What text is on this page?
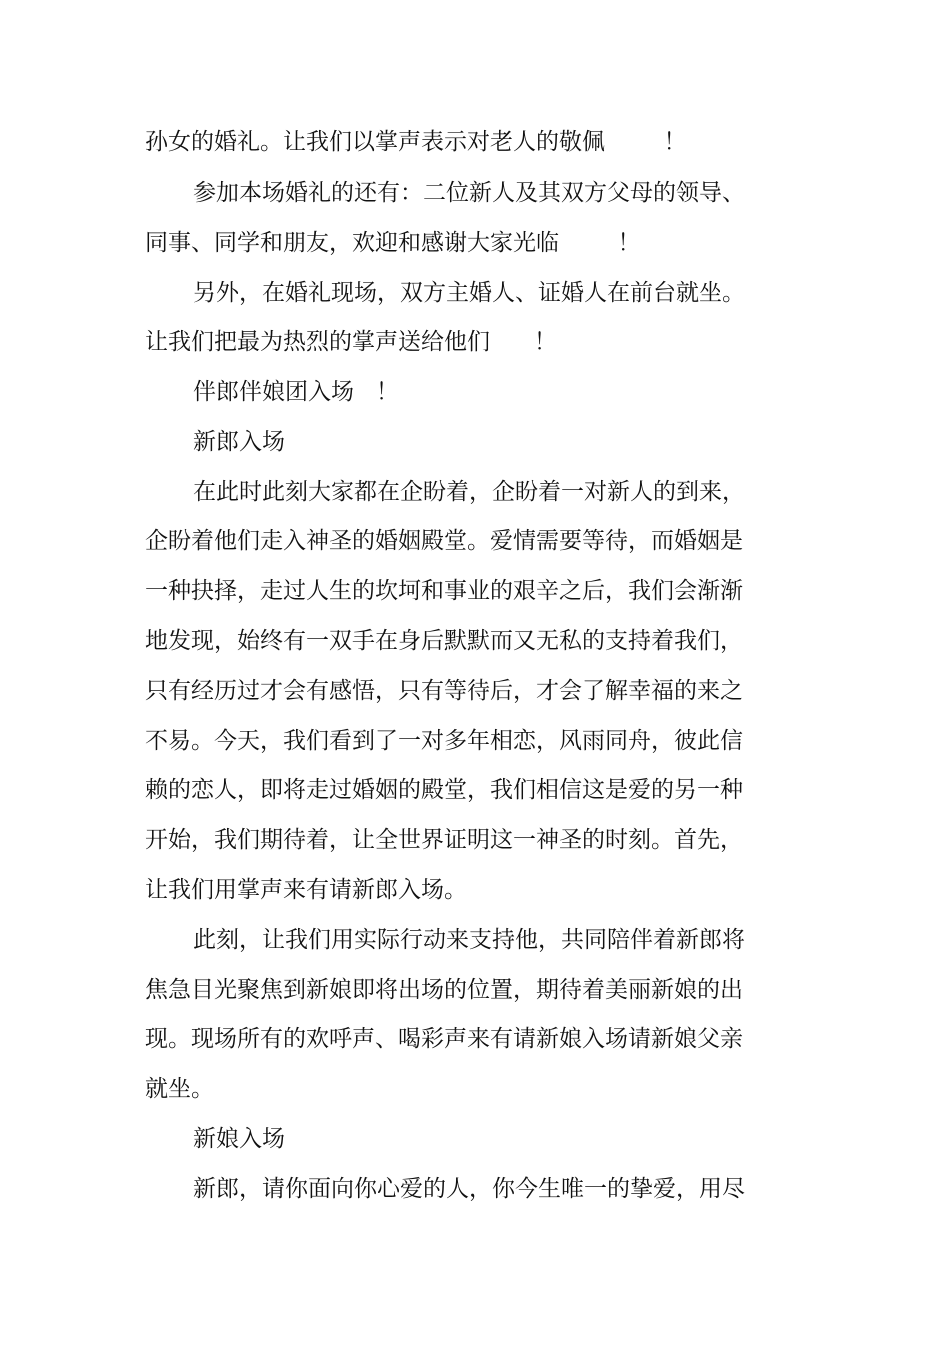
孙女的婚礼。让我们以掌声表示对老人的敬佩        ！
参加本场婚礼的还有：二位新人及其双方父母的领导、
同事、同学和朋友，欢迎和感谢大家光临        ！
另外，在婚礼现场，双方主婚人、证婚人在前台就坐。
让我们把最为热烈的掌声送给他们      ！
伴郎伴娘团入场   ！
新郎入场
在此时此刻大家都在企盼着，企盼着一对新人的到来，
企盼着他们走入神圣的婚姻殿堂。爱情需要等待，而婚姻是
一种抉择，走过人生的坎坷和事业的艰辛之后，我们会渐渐
地发现，始终有一双手在身后默默而又无私的支持着我们，
只有经历过才会有感悟，只有等待后，才会了解幸福的来之
不易。今天，我们看到了一对多年相恋，风雨同舟，彼此信
赖的恋人，即将走过婚姻的殿堂，我们相信这是爱的另一种
开始，我们期待着，让全世界证明这一神圣的时刻。首先，
让我们用掌声来有请新郎入场。
此刻，让我们用实际行动来支持他，共同陪伴着新郎将
焦急目光聚焦到新娘即将出场的位置，期待着美丽新娘的出
现。现场所有的欢呼声、喝彩声来有请新娘入场请新娘父亲
就坐。
新娘入场
新郎，请你面向你心爱的人，你今生唯一的挚爱，用尽
